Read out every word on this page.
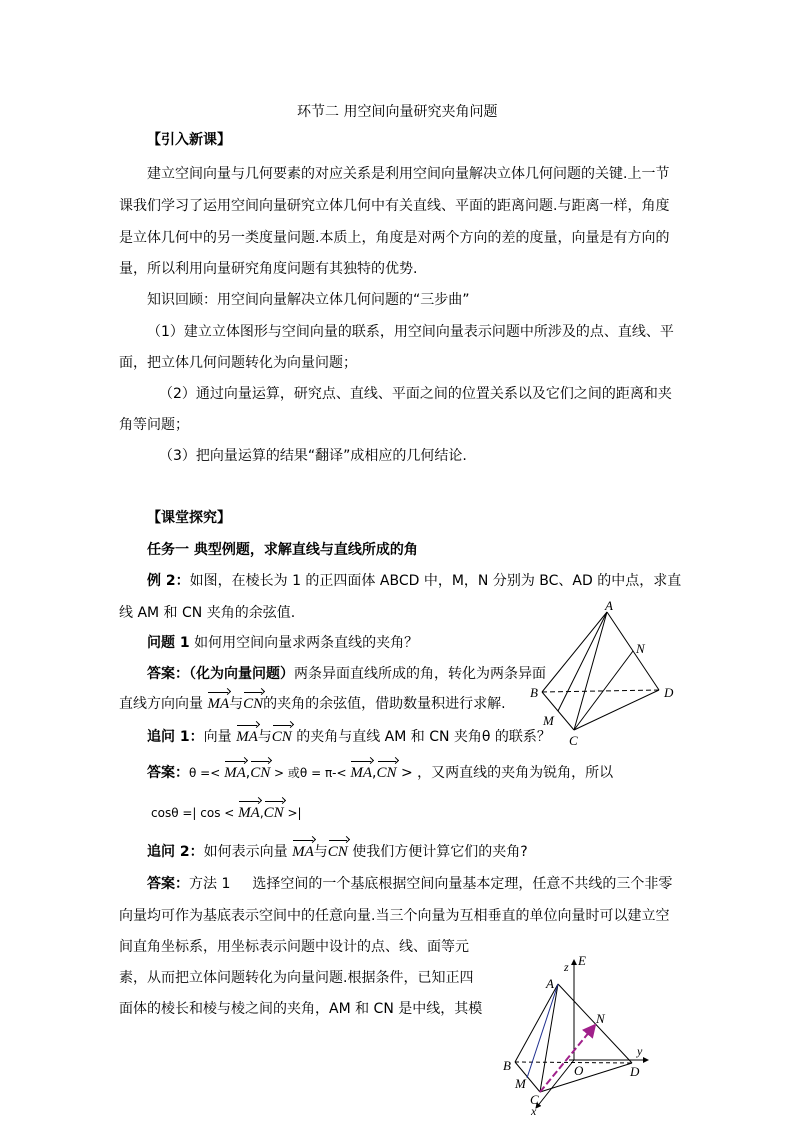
环节二 用空间向量研究夹角问题
【引入新课】
建立空间向量与几何要素的对应关系是利用空间向量解决立体几何问题的关键.上一节
课我们学习了运用空间向量研究立体几何中有关直线、平面的距离问题.与距离一样，角度
是立体几何中的另一类度量问题.本质上，角度是对两个方向的差的度量，向量是有方向的
量，所以利用向量研究角度问题有其独特的优势.
知识回顾：用空间向量解决立体几何问题的“三步曲”
（1）建立立体图形与空间向量的联系，用空间向量表示问题中所涉及的点、直线、平
面，把立体几何问题转化为向量问题；
（2）通过向量运算，研究点、直线、平面之间的位置关系以及它们之间的距离和夹
角等问题；
（3）把向量运算的结果“翻译”成相应的几何结论.
【课堂探究】
任务一 典型例题，求解直线与直线所成的角
例 2：如图，在棱长为 1 的正四面体 ABCD 中，M，N 分别为 BC、AD 的中点，求直
线 AM 和 CN 夹角的余弦值.
问题 1 如何用空间向量求两条直线的夹角？
答案：（化为向量问题）两条异面直线所成的角，转化为两条异面
直线方向向量 MA与CN的夹角的余弦值，借助数量积进行求解.
追问 1：向量 MA与CN 的夹角与直线 AM 和 CN 夹角θ 的联系？
答案：θ =< MA,CN > 或θ = π-< MA,CN > ，又两直线的夹角为锐角，所以
cosθ =| cos < MA,CN >|
追问 2：如何表示向量 MA与CN 使我们方便计算它们的夹角?
答案：方法 1 选择空间的一个基底根据空间向量基本定理，任意不共线的三个非零
向量均可作为基底表示空间中的任意向量.当三个向量为互相垂直的单位向量时可以建立空
间直角坐标系，用坐标表示问题中设计的点、线、面等元
素，从而把立体问题转化为向量问题.根据条件，已知正四
面体的棱长和棱与棱之间的夹角，AM 和 CN 是中线，其模
A
B
C
D
M
N
A
B
C
D
M
N
O
E
z
y
x
